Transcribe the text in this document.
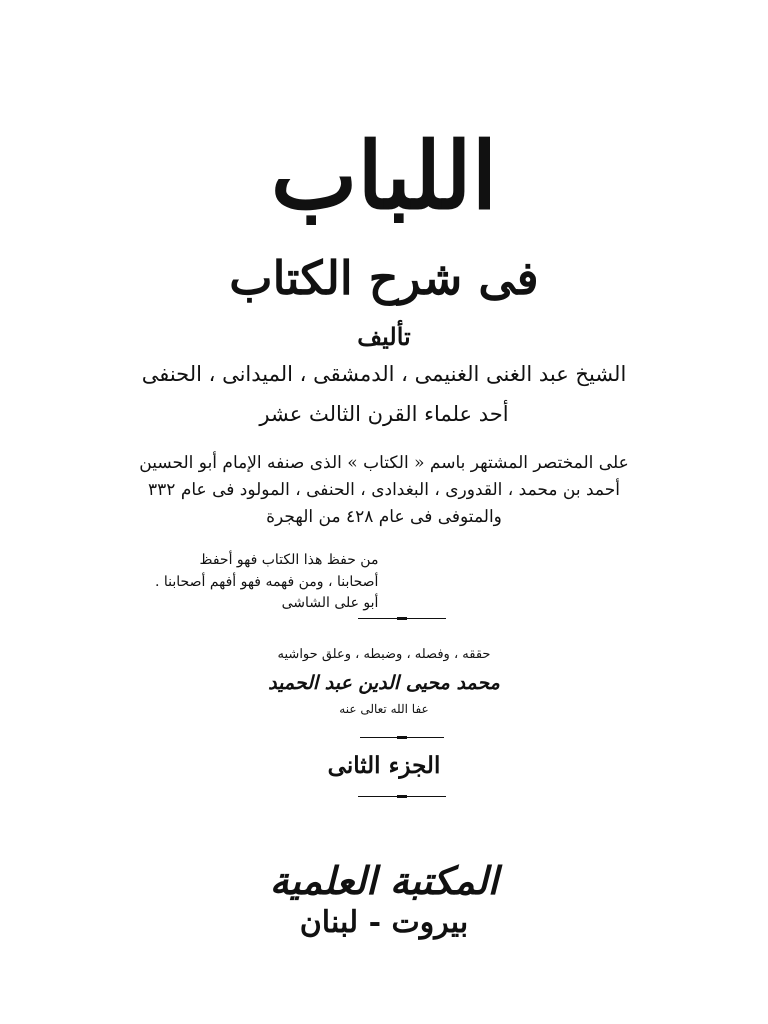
اللباب
فى شرح الكتاب
تأليف
الشيخ عبد الغنى الغنيمى ، الدمشقى ، الميدانى ، الحنفى
أحد علماء القرن الثالث عشر
على المختصر المشتهر باسم « الكتاب » الذى صنفه الإمام أبو الحسين
أحمد بن محمد ، القدورى ، البغدادى ، الحنفى ، المولود فى عام ٣٣٢
والمتوفى فى عام ٤٢٨ من الهجرة
من حفظ هذا الكتاب فهو أحفظ
أصحابنا ، ومن فهمه فهو أفهم أصحابنا .
أبو على الشاشى
حققه ، وفصله ، وضبطه ، وعلق حواشيه
محمد محيى الدين عبد الحميد
عفا الله تعالى عنه
الجزء الثانى
المكتبة العلمية
بيروت - لبنان
